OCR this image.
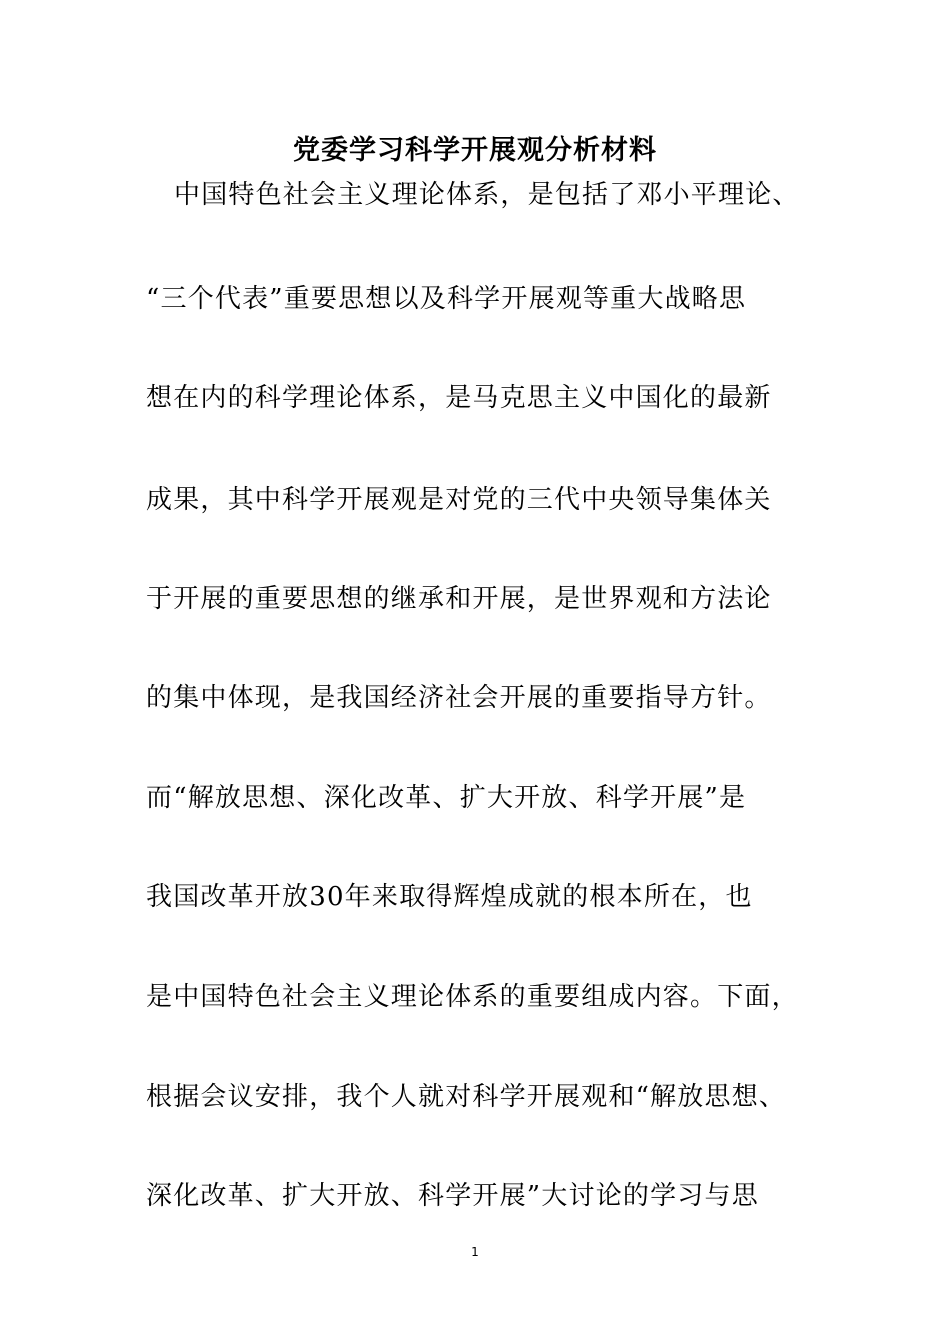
党委学习科学开展观分析材料
中国特色社会主义理论体系，是包括了邓小平理论、
“三个代表”重要思想以及科学开展观等重大战略思
想在内的科学理论体系，是马克思主义中国化的最新
成果，其中科学开展观是对党的三代中央领导集体关
于开展的重要思想的继承和开展，是世界观和方法论
的集中体现，是我国经济社会开展的重要指导方针。
而“解放思想、深化改革、扩大开放、科学开展”是
我国改革开放30年来取得辉煌成就的根本所在，也
是中国特色社会主义理论体系的重要组成内容。下面，
根据会议安排，我个人就对科学开展观和“解放思想、
深化改革、扩大开放、科学开展”大讨论的学习与思
1
